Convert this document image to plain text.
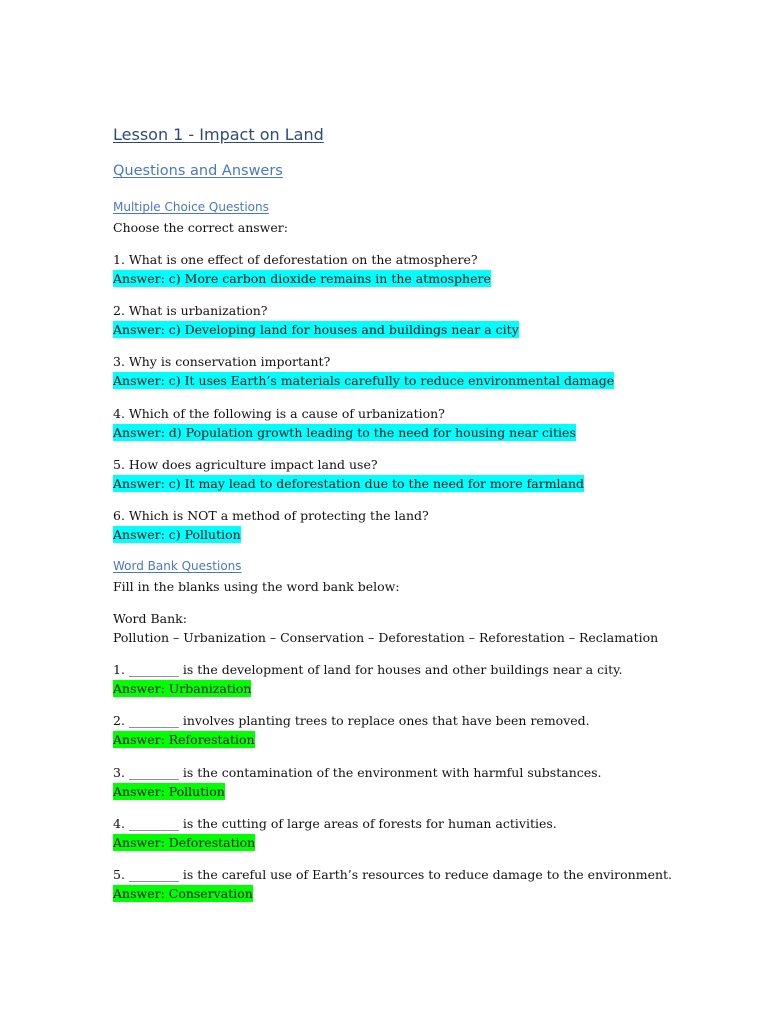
Lesson 1 - Impact on Land
Questions and Answers
Multiple Choice Questions
Choose the correct answer:
1. What is one effect of deforestation on the atmosphere?
Answer: c) More carbon dioxide remains in the atmosphere
2. What is urbanization?
Answer: c) Developing land for houses and buildings near a city
3. Why is conservation important?
Answer: c) It uses Earth’s materials carefully to reduce environmental damage
4. Which of the following is a cause of urbanization?
Answer: d) Population growth leading to the need for housing near cities
5. How does agriculture impact land use?
Answer: c) It may lead to deforestation due to the need for more farmland
6. Which is NOT a method of protecting the land?
Answer: c) Pollution
Word Bank Questions
Fill in the blanks using the word bank below:
Word Bank:
Pollution – Urbanization – Conservation – Deforestation – Reforestation – Reclamation
1. ________ is the development of land for houses and other buildings near a city.
Answer: Urbanization
2. ________ involves planting trees to replace ones that have been removed.
Answer: Reforestation
3. ________ is the contamination of the environment with harmful substances.
Answer: Pollution
4. ________ is the cutting of large areas of forests for human activities.
Answer: Deforestation
5. ________ is the careful use of Earth’s resources to reduce damage to the environment.
Answer: Conservation
